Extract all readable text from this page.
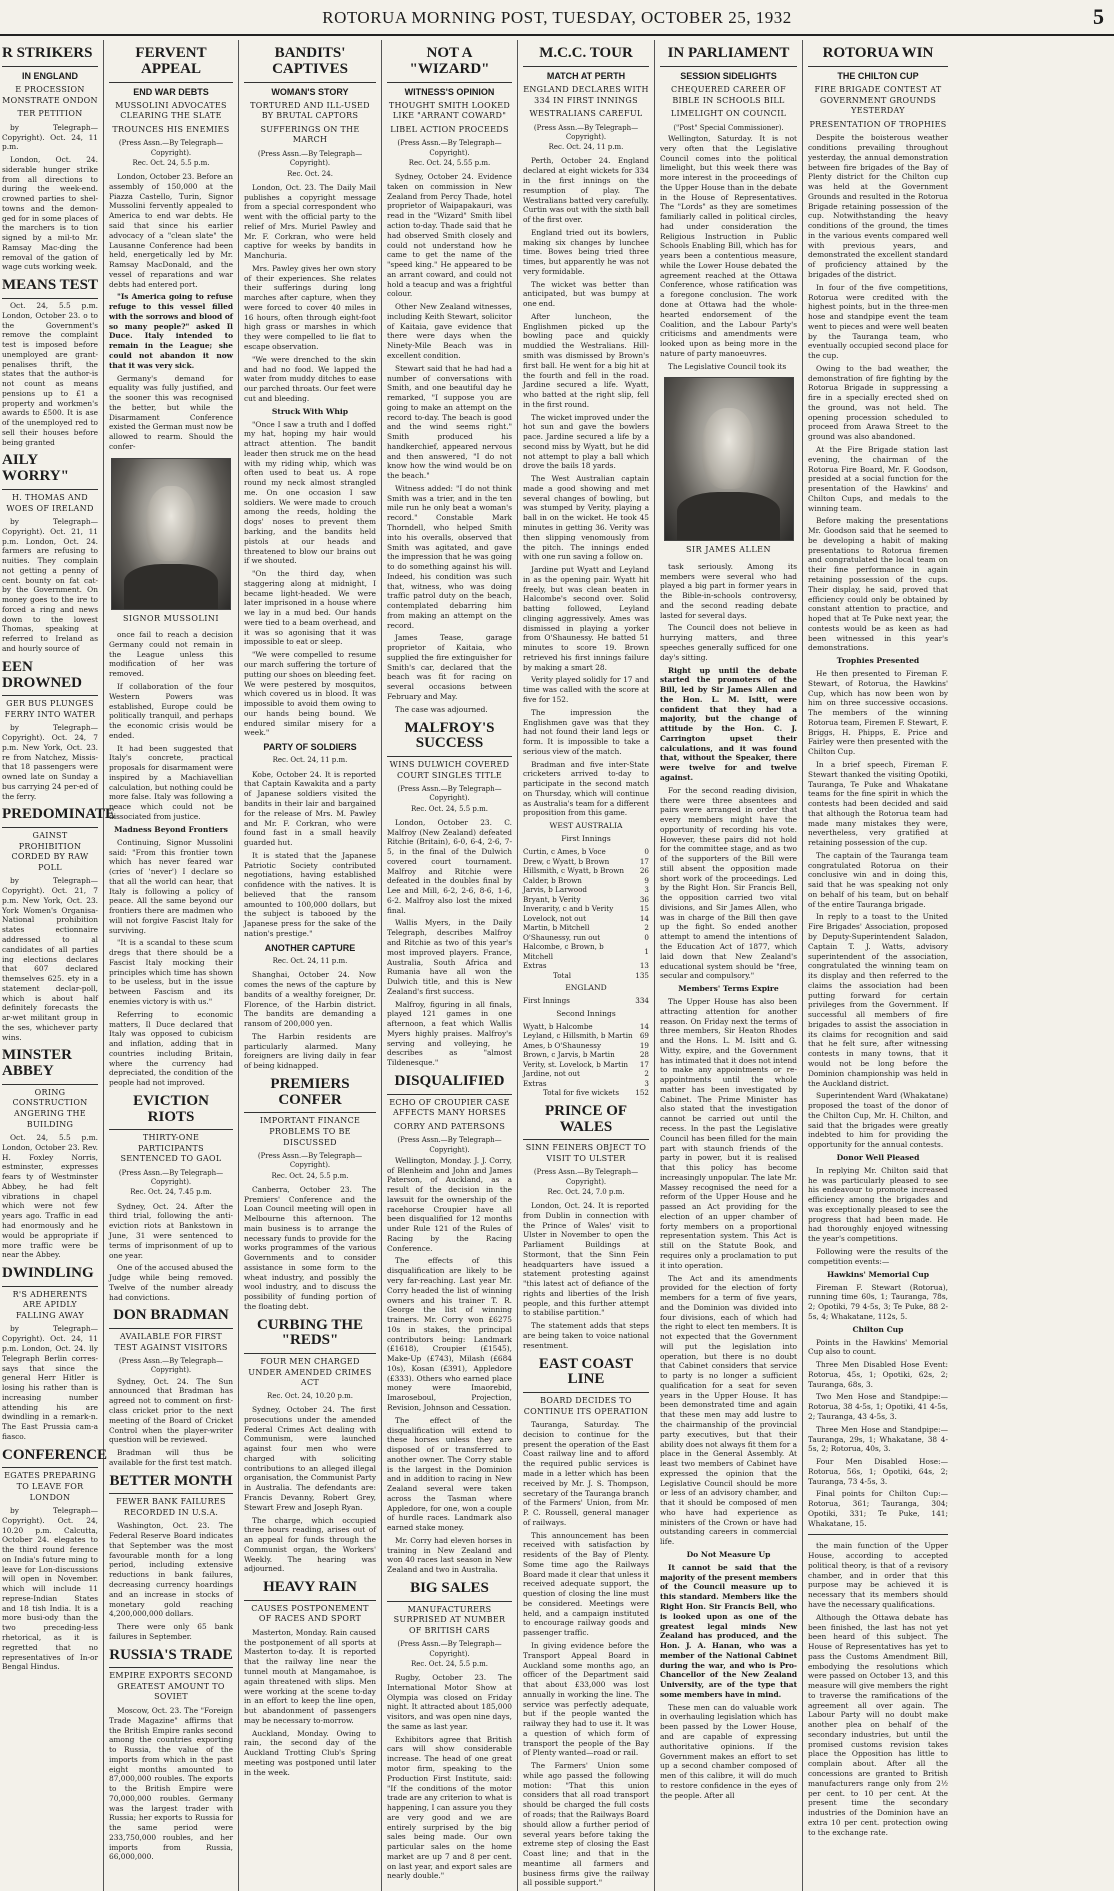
ROTORUA MORNING POST, TUESDAY, OCTOBER 25, 1932	5
R STRIKERS
IN ENGLAND
E PROCESSION MONSTRATE ONDON
TER PETITION

by Telegraph—Copyright). Oct. 24, 11 p.m.

London, Oct. 24. siderable hunger strike from all directions to during the week-end. crowned parties to shel-towns and the demon-ged for in some places of the marchers is to tion signed by a mil-to Mr. Ramsay Mac-ding the removal of the gation of wage cuts working week.

MEANS TEST

Oct. 24, 5.5 p.m. London, October 23. o to the Government's remove the complaint test is imposed before unemployed are grant-penalises thrift, the states that the author-is not count as means pensions up to £1 a property and workmen's awards to £500. It is ase of the unemployed red to sell their houses before being granted

AILY WORRY"
H. THOMAS AND WOES OF IRELAND

by Telegraph—Copyright). Oct. 21, 11 p.m. London, Oct. 24. farmers are refusing to nuities. They complain not getting a penny of cent. bounty on fat cat-by the Government. On money goes to the ire to forced a ring and news down to the lowest Thomas, speaking at referred to Ireland as and hourly source of

EEN DROWNED
GER BUS PLUNGES FERRY INTO WATER

by Telegraph—Copyright). Oct. 24, 7 p.m. New York, Oct. 23. re from Natchez, Missis-that 18 passengers were owned late on Sunday a bus carrying 24 per-ed of the ferry.

PREDOMINATE
GAINST PROHIBITION CORDED BY RAW POLL

by Telegraph—Copyright). Oct. 21, 7 p.m. New York, Oct. 23. York Women's Organisa-National prohibition states ectionnaire addressed to al candidates of all parties ing elections declares that 607 declared themselves 625. ety in a statement declar-poll, which is about half definitely forecasts the ar-wet militant group in the ses, whichever party wins.

MINSTER ABBEY
ORING CONSTRUCTION ANGERING THE BUILDING

Oct. 24, 5.5 p.m. London, October 23. Rev. H. Foxley Norris, estminster, expresses fears ty of Westminster Abbey, he had felt vibrations in chapel which were not few years ago. Traffic in ead had enormously and he would be appropriate if more traffic were be near the Abbey.

DWINDLING
R'S ADHERENTS ARE APIDLY FALLING AWAY

by Telegraph—Copyright). Oct. 24, 11 p.m. London, Oct. 24. lly Telegraph Berlin corres-says that since the general Herr Hitler is losing his rather than is increasing number attending his are dwindling in a remark-n. The East Prussia cam-a fiasco.

CONFERENCE
EGATES PREPARING TO LEAVE FOR LONDON

by Telegraph—Copyright). Oct. 24, 10.20 p.m. Calcutta, October 24. elegates to the third round ference on India's future ming to leave for Lon-discussions will open in November. which will include 11 represe-Indian States and 18 tish India. It is a more busi-ody than the two preceding-less rhetorical, as it is regretted that no representatives of In-or Bengal Hindus.

FERVENT APPEAL
END WAR DEBTS
MUSSOLINI ADVOCATES CLEARING THE SLATE
TROUNCES HIS ENEMIES
(Press Assn.—By Telegraph—Copyright).
Rec. Oct. 24, 5.5 p.m.

London, October 23. Before an assembly of 150,000 at the Piazza Castello, Turin, Signor Mussolini fervently appealed to America to end war debts. He said that since his earlier advocacy of a "clean slate" the Lausanne Conference had been held, energetically led by Mr. Ramsay MacDonald, and the vessel of reparations and war debts had entered port.

"Is America going to refuse refuge to this vessel filled with the sorrows and blood of so many people?" asked Il Duce. Italy intended to remain in the League; she could not abandon it now that it was very sick.

Germany's demand for equality was fully justified, and the sooner this was recognised the better, but while the Disarmament Conference existed the German must now be allowed to rearm. Should the confer-

SIGNOR MUSSOLINI

once fail to reach a decision Germany could not remain in the League unless this modification of her was removed.

If collaboration of the four Western Powers was established, Europe could be politically tranquil, and perhaps the economic crisis would be ended.

It had been suggested that Italy's concrete, practical proposals for disarmament were inspired by a Machiavellian calculation, but nothing could be more false. Italy was following a peace which could not be dissociated from justice.

Madness Beyond Frontiers

Continuing, Signor Mussolini said: "From this frontier town which has never feared war (cries of 'never') I declare so that all the world can hear, that Italy is following a policy of peace. All the same beyond our frontiers there are madmen who will not forgive Fascist Italy for surviving.

"It is a scandal to these scum dregs that there should be a Fascist Italy mocking their principles which time has shown to be useless, but in the issue between Fascism and its enemies victory is with us."

Referring to economic matters, Il Duce declared that Italy was opposed to cubicism and inflation, adding that in countries including Britain, where the currency had depreciated, the condition of the people had not improved.

EVICTION RIOTS
THIRTY-ONE PARTICIPANTS SENTENCED TO GAOL
(Press Assn.—By Telegraph—Copyright).
Rec. Oct. 24, 7.45 p.m.

Sydney, Oct. 24. After the third trial, following the anti-eviction riots at Bankstown in June, 31 were sentenced to terms of imprisonment of up to one year.

One of the accused abused the Judge while being removed. Twelve of the number already had convictions.

DON BRADMAN
AVAILABLE FOR FIRST TEST AGAINST VISITORS
(Press Assn.—By Telegraph—Copyright).

Sydney, Oct. 24. The Sun announced that Bradman has agreed not to comment on first-class cricket prior to the next meeting of the Board of Cricket Control when the player-writer question will be reviewed.

Bradman will thus be available for the first test match.

BETTER MONTH
FEWER BANK FAILURES RECORDED IN U.S.A.

Washington, Oct. 23. The Federal Reserve Board indicates that September was the most favourable month for a long period, including extensive reductions in bank failures, decreasing currency hoardings and an increase in stocks of monetary gold reaching 4,200,000,000 dollars.

There were only 65 bank failures in September.

RUSSIA'S TRADE
EMPIRE EXPORTS SECOND GREATEST AMOUNT TO SOVIET

Moscow, Oct. 23. The "Foreign Trade Magazine" affirms that the British Empire ranks second among the countries exporting to Russia, the value of the imports from which in the past eight months amounted to 87,000,000 roubles. The exports to the British Empire were 70,000,000 roubles. Germany was the largest trader with Russia; her exports to Russia for the same period were 233,750,000 roubles, and her imports from Russia, 66,000,000.

BANDITS' CAPTIVES
WOMAN'S STORY
TORTURED AND ILL-USED BY BRUTAL CAPTORS
SUFFERINGS ON THE MARCH
(Press Assn.—By Telegraph—Copyright).
Rec. Oct. 24.

London, Oct. 23. The Daily Mail publishes a copyright message from a special correspondent who went with the official party to the relief of Mrs. Muriel Pawley and Mr. F. Corkran, who were held captive for weeks by bandits in Manchuria.

Mrs. Pawley gives her own story of their experiences. She relates their sufferings during long marches after capture, when they were forced to cover 40 miles in 16 hours, often through eight-foot high grass or marshes in which they were compelled to lie flat to escape observation.

"We were drenched to the skin and had no food. We lapped the water from muddy ditches to ease our parched throats. Our feet were cut and bleeding.

Struck With Whip

"Once I saw a truth and I doffed my hat, hoping my hair would attract attention. The bandit leader then struck me on the head with my riding whip, which was often used to beat us. A rope round my neck almost strangled me. On one occasion I saw soldiers. We were made to crouch among the reeds, holding the dogs' noses to prevent them barking, and the bandits held pistols at our heads and threatened to blow our brains out if we shouted.

"On the third day, when staggering along at midnight, I became light-headed. We were later imprisoned in a house where we lay in a mud bed. Our hands were tied to a beam overhead, and it was so agonising that it was impossible to eat or sleep.

"We were compelled to resume our march suffering the torture of putting our shoes on bleeding feet. We were pestered by mosquitos, which covered us in blood. It was impossible to avoid them owing to our hands being bound. We endured similar misery for a week."

PARTY OF SOLDIERS
Rec. Oct. 24, 11 p.m.

Kobe, October 24. It is reported that Captain Kawakita and a party of Japanese soldiers visited the bandits in their lair and bargained for the release of Mrs. M. Pawley and Mr. F. Corkran, who were found fast in a small heavily guarded hut.

It is stated that the Japanese Patriotic Society contributed negotiations, having established confidence with the natives. It is believed that the ransom amounted to 100,000 dollars, but the subject is tabooed by the Japanese press for the sake of the nation's prestige."

ANOTHER CAPTURE
Rec. Oct. 24, 11 p.m.

Shanghai, October 24. Now comes the news of the capture by bandits of a wealthy foreigner, Dr. Florence, of the Harbin district. The bandits are demanding a ransom of 200,000 yen.

The Harbin residents are particularly alarmed. Many foreigners are living daily in fear of being kidnapped.

PREMIERS CONFER
IMPORTANT FINANCE PROBLEMS TO BE DISCUSSED
(Press Assn.—By Telegraph—Copyright).
Rec. Oct. 24, 5.5 p.m.

Canberra, October 23. The Premiers' Conference and the Loan Council meeting will open in Melbourne this afternoon. The main business is to arrange the necessary funds to provide for the works programmes of the various Governments and to consider assistance in some form to the wheat industry, and possibly the wool industry, and to discuss the possibility of funding portion of the floating debt.

CURBING THE "REDS"
FOUR MEN CHARGED UNDER AMENDED CRIMES ACT
Rec. Oct. 24, 10.20 p.m.

Sydney, October 24. The first prosecutions under the amended Federal Crimes Act dealing with Communism, were launched against four men who were charged with soliciting contributions to an alleged illegal organisation, the Communist Party in Australia. The defendants are: Francis Devanny, Robert Grey, Stewart Frew and Joseph Ryan.

The charge, which occupied three hours reading, arises out of an appeal for funds through the Communist organ, the Workers' Weekly. The hearing was adjourned.

HEAVY RAIN
CAUSES POSTPONEMENT OF RACES AND SPORT

Masterton, Monday. Rain caused the postponement of all sports at Masterton to-day. It is reported that the railway line near the tunnel mouth at Mangamahoe, is again threatened with slips. Men were working at the scene to-day in an effort to keep the line open, but abandonment of passengers may be necessary to-morrow.

Auckland, Monday. Owing to rain, the second day of the Auckland Trotting Club's Spring meeting was postponed until later in the week.

NOT A "WIZARD"
WITNESS'S OPINION
THOUGHT SMITH LOOKED LIKE "ARRANT COWARD"
LIBEL ACTION PROCEEDS
(Press Assn.—By Telegraph—Copyright).
Rec. Oct. 24, 5.55 p.m.

Sydney, October 24. Evidence taken on commission in New Zealand from Percy Thade, hotel proprietor of Waipapakauri, was read in the "Wizard" Smith libel action to-day. Thade said that he had observed Smith closely and could not understand how he came to get the name of the "speed king." He appeared to be an arrant coward, and could not hold a teacup and was a frightful colour.

Other New Zealand witnesses, including Keith Stewart, solicitor of Kaitaia, gave evidence that there were days when the Ninety-Mile Beach was in excellent condition.

Stewart said that he had had a number of conversations with Smith, and one beautiful day he remarked, "I suppose you are going to make an attempt on the record to-day. The beach is good and the wind seems right." Smith produced his handkerchief, appeared nervous and then answered, "I do not know how the wind would be on the beach."

Witness added: "I do not think Smith was a trier, and in the ten mile run he only beat a woman's record." Constable Mark Thorndell, who helped Smith into his overalls, observed that Smith was agitated, and gave the impression that he was going to do something against his will. Indeed, his condition was such that, witness, who was doing traffic patrol duty on the beach, contemplated debarring him from making an attempt on the record.

James Tease, garage proprietor of Kaitaia, who supplied the fire extinguisher for Smith's car, declared that the beach was fit for racing on several occasions between February and May.

The case was adjourned.

MALFROY'S SUCCESS
WINS DULWICH COVERED COURT SINGLES TITLE
(Press Assn.—By Telegraph—Copyright).
Rec. Oct. 24, 5.5 p.m.

London, October 23. C. Malfroy (New Zealand) defeated Ritchie (Britain), 6-0, 6-4, 2-6, 7-5, in the final of the Dulwich covered court tournament. Malfroy and Ritchie were defeated in the doubles final by Lee and Mill, 6-2, 2-6, 8-6, 1-6, 6-2. Malfroy also lost the mixed final.

Wallis Myers, in the Daily Telegraph, describes Malfroy and Ritchie as two of this year's most improved players. France, Australia, South Africa and Rumania have all won the Dulwich title, and this is New Zealand's first success.

Malfroy, figuring in all finals, played 121 games in one afternoon, a feat which Wallis Myers highly praises. Malfroy's serving and volleying, he describes as "almost Tildenesque."

DISQUALIFIED
ECHO OF CROUPIER CASE AFFECTS MANY HORSES
CORRY AND PATERSONS
(Press Assn.—By Telegraph—Copyright).

Wellington, Monday. J. J. Corry, of Blenheim and John and James Paterson, of Auckland, as a result of the decision in the lawsuit for the ownership of the racehorse Croupier have all been disqualified for 12 months under Rule 121 of the Rules of Racing by the Racing Conference.

The effects of this disqualification are likely to be very far-reaching. Last year Mr. Corry headed the list of winning owners and his trainer T. R. George the list of winning trainers. Mr. Corry won £6275 10s in stakes, the principal contributors being: Landmark (£1618), Croupier (£1545), Make-Up (£743), Milash (£684 10s), Kosan (£391), Appledore (£333). Others who earned place money were Imaorebid, Imaroseboul, Projection, Revision, Johnson and Cessation.

The effect of the disqualification will extend to these horses unless they are disposed of or transferred to another owner. The Corry stable is the largest in the Dominion and in addition to racing in New Zealand several were taken across the Tasman where Appledore, for one, won a couple of hurdle races. Landmark also earned stake money.

Mr. Corry had eleven horses in training in New Zealand and won 40 races last season in New Zealand and two in Australia.

BIG SALES
MANUFACTURERS SURPRISED AT NUMBER OF BRITISH CARS
(Press Assn.—By Telegraph—Copyright).
Rec. Oct. 24, 5.5 p.m.

Rugby, October 23. The International Motor Show at Olympia was closed on Friday night. It attracted about 185,000 visitors, and was open nine days, the same as last year.

Exhibitors agree that British cars will show considerable increase. The head of one great motor firm, speaking to the Production First Institute, said: "If the conditions of the motor trade are any criterion to what is happening, I can assure you they are very good and we are entirely surprised by the big sales being made. Our own particular sales on the home market are up 7 and 8 per cent. on last year, and export sales are nearly double."

M.C.C. TOUR
MATCH AT PERTH
ENGLAND DECLARES WITH 334 IN FIRST INNINGS
WESTRALIANS CAREFUL
(Press Assn.—By Telegraph—Copyright).
Rec. Oct. 24, 11 p.m.

Perth, October 24. England declared at eight wickets for 334 in the first innings on the resumption of play. The Westralians batted very carefully. Curtin was out with the sixth ball of the first over.

England tried out its bowlers, making six changes by lunchee time. Bowes being tried three times, but apparently he was not very formidable.

The wicket was better than anticipated, but was bumpy at one end.

After luncheon, the Englishmen picked up the bowling pace and quickly muddied the Westralians. Hill-smith was dismissed by Brown's first ball. He went for a big hit at the fourth and fell in the road. Jardine secured a life. Wyatt, who batted at the right slip, fell in the first round.

The wicket improved under the hot sun and gave the bowlers pace. Jardine secured a life by a second miss by Wyatt, but he did not attempt to play a ball which drove the bails 18 yards.

The West Australian captain made a good showing and met several changes of bowling, but was stumped by Verity, playing a ball in on the wicket. He took 45 minutes in getting 36. Verity was then slipping venomously from the pitch. The innings ended with one run saving a follow on.

Jardine put Wyatt and Leyland in as the opening pair. Wyatt hit freely, but was clean beaten in Halcombe's second over. Solid batting followed, Leyland clinging aggressively. Ames was dismissed in playing a yorker from O'Shaunessy. He batted 51 minutes to score 19. Brown retrieved his first innings failure by making a smart 28.

Verity played solidly for 17 and time was called with the score at five for 152.

The impression the Englishmen gave was that they had not found their land legs or form. It is impossible to take a serious view of the match.

Bradman and five inter-State cricketers arrived to-day to participate in the second match on Thursday, which will continue as Australia's team for a different proposition from this game.

WEST AUSTRALIA
First Innings
Curtin, c Ames, b Voce	0
Drew, c Wyatt, b Brown	17
Hillsmith, c Wyatt, b Brown	26
Calder, b Brown	9
Jarvis, b Larwood	3
Bryant, b Verity	36
Inverarity, c and b Verity	15
Lovelock, not out	14
Martin, b Mitchell	2
O'Shaunessy, run out	0
Halcombe, c Brown, b Mitchell	1
Extras	13
Total	135
ENGLAND
First Innings	334
Second Innings
Wyatt, b Halcombe	14
Leyland, c Hillsmith, b Martin	69
Ames, b O'Shaunessy	19
Brown, c Jarvis, b Martin	28
Verity, st. Lovelock, b Martin	17
Jardine, not out	2
Extras	3
Total for five wickets	152
PRINCE OF WALES
SINN FEINERS OBJECT TO VISIT TO ULSTER
(Press Assn.—By Telegraph—Copyright).
Rec. Oct. 24, 7.0 p.m.

London, Oct. 24. It is reported from Dublin in connection with the Prince of Wales' visit to Ulster in November to open the Parliament Buildings at Stormont, that the Sinn Fein headquarters have issued a statement protesting against "this latest act of defiance of the rights and liberties of the Irish people, and this further attempt to stabilise partition."

The statement adds that steps are being taken to voice national resentment.

EAST COAST LINE
BOARD DECIDES TO CONTINUE ITS OPERATION

Tauranga, Saturday. The decision to continue for the present the operation of the East Coast railway line and to afford the required public services is made in a letter which has been received by Mr. J. S. Thompson, secretary of the Tauranga branch of the Farmers' Union, from Mr. P. C. Roussell, general manager of railways.

This announcement has been received with satisfaction by residents of the Bay of Plenty. Some time ago the Railways Board made it clear that unless it received adequate support, the question of closing the line must be considered. Meetings were held, and a campaign instituted to encourage railway goods and passenger traffic.

In giving evidence before the Transport Appeal Board in Auckland some months ago, an officer of the Department said that about £33,000 was lost annually in working the line. The service was perfectly adequate, but if the people wanted the railway they had to use it. It was a question of which form of transport the people of the Bay of Plenty wanted—road or rail.

The Farmers' Union some while ago passed the following motion: "That this union considers that all road transport should be charged the full costs of roads; that the Railways Board should allow a further period of several years before taking the extreme step of closing the East Coast line; and that in the meantime all farmers and business firms give the railway all possible support."

IN PARLIAMENT
SESSION SIDELIGHTS
CHEQUERED CAREER OF BIBLE IN SCHOOLS BILL
LIMELIGHT ON COUNCIL
("Post" Special Commissioner).

Wellington, Saturday. It is not very often that the Legislative Council comes into the political limelight, but this week there was more interest in the proceedings of the Upper House than in the debate in the House of Representatives. The "Lords" as they are sometimes familiarly called in political circles, had under consideration the Religious Instruction in Public Schools Enabling Bill, which has for years been a contentious measure, while the Lower House debated the agreement reached at the Ottawa Conference, whose ratification was a foregone conclusion. The work done at Ottawa had the whole-hearted endorsement of the Coalition, and the Labour Party's criticisms and amendments were looked upon as being more in the nature of party manoeuvres.

The Legislative Council took its

SIR JAMES ALLEN

task seriously. Among its members were several who had played a big part in former years in the Bible-in-schools controversy, and the second reading debate lasted for several days.

The Council does not believe in hurrying matters, and three speeches generally sufficed for one day's sitting.

Right up until the debate started the promoters of the Bill, led by Sir James Allen and the Hon. L. M. Isitt, were confident that they had a majority, but the change of attitude by the Hon. C. J. Carrington upset their calculations, and it was found that, without the Speaker, there were twelve for and twelve against.

For the second reading division, there were three absentees and pairs were arranged in order that every members might have the opportunity of recording his vote. However, these pairs did not hold for the committee stage, and as two of the supporters of the Bill were still absent the opposition made short work of the proceedings. Led by the Right Hon. Sir Francis Bell, the opposition carried two vital divisions, and Sir James Allen, who was in charge of the Bill then gave up the fight. So ended another attempt to amend the intentions of the Education Act of 1877, which laid down that New Zealand's educational system should be "free, secular and compulsory."

Members' Terms Expire

The Upper House has also been attracting attention for another reason. On Friday next the terms of three members, Sir Heaton Rhodes and the Hons. L. M. Isitt and G. Witty, expire, and the Government has intimated that it does not intend to make any appointments or re-appointments until the whole matter has been investigated by Cabinet. The Prime Minister has also stated that the investigation cannot be carried out until the recess. In the past the Legislative Council has been filled for the main part with staunch friends of the party in power, but it is realised that this policy has become increasingly unpopular. The late Mr. Massey recognised the need for a reform of the Upper House and he passed an Act providing for the election of an upper chamber of forty members on a proportional representation system. This Act is still on the Statute Book, and requires only a proclamation to put it into operation.

The Act and its amendments provided for the election of forty members for a term of five years, and the Dominion was divided into four divisions, each of which had the right to elect ten members. It is not expected that the Government will put the legislation into operation, but there is no doubt that Cabinet considers that service to party is no longer a sufficient qualification for a seat for seven years in the Upper House. It has been demonstrated time and again that these men may add lustre to the chairmanship of the provincial party executives, but that their ability does not always fit them for a place in the General Assembly. At least two members of Cabinet have expressed the opinion that the Legislative Council should be more or less of an advisory chamber, and that it should be composed of men who have had experience as ministers of the Crown or have had outstanding careers in commercial life.

Do Not Measure Up

It cannot be said that the majority of the present members of the Council measure up to this standard. Members like the Right Hon. Sir Francis Bell, who is looked upon as one of the greatest legal minds New Zealand has produced, and the Hon. J. A. Hanan, who was a member of the National Cabinet during the war, and who is Pro-Chancellor of the New Zealand University, are of the type that some members have in mind.

These men can do valuable work in overhauling legislation which has been passed by the Lower House, and are capable of expressing authoritative opinions. If the Government makes an effort to set up a second chamber composed of men of this calibre, it will do much to restore confidence in the eyes of the people. After all

ROTORUA WIN
THE CHILTON CUP
FIRE BRIGADE CONTEST AT GOVERNMENT GROUNDS YESTERDAY
PRESENTATION OF TROPHIES

Despite the boisterous weather conditions prevailing throughout yesterday, the annual demonstration between fire brigades of the Bay of Plenty district for the Chilton cup was held at the Government Grounds and resulted in the Rotorua Brigade retaining possession of the cup. Notwithstanding the heavy conditions of the ground, the times in the various events compared well with previous years, and demonstrated the excellent standard of proficiency attained by the brigades of the district.

In four of the five competitions, Rotorua were credited with the highest points, but in the three-men hose and standpipe event the team went to pieces and were well beaten by the Tauranga team, who eventually occupied second place for the cup.

Owing to the bad weather, the demonstration of fire fighting by the Rotorua Brigade in suppressing a fire in a specially erected shed on the ground, was not held. The opening procession scheduled to proceed from Arawa Street to the ground was also abandoned.

At the Fire Brigade station last evening, the chairman of the Rotorua Fire Board, Mr. F. Goodson, presided at a social function for the presentation of the Hawkins' and Chilton Cups, and medals to the winning team.

Before making the presentations Mr. Goodson said that he seemed to be developing a habit of making presentations to Rotorua firemen and congratulated the local team on their fine performance in again retaining possession of the cups. Their display, he said, proved that efficiency could only be obtained by constant attention to practice, and hoped that at Te Puke next year, the contests would be as keen as had been witnessed in this year's demonstrations.

Trophies Presented

He then presented to Fireman F. Stewart, of Rotorua, the Hawkins' Cup, which has now been won by him on three successive occasions. The members of the winning Rotorua team, Firemen F. Stewart, F. Briggs, H. Phipps, E. Price and Fairley were then presented with the Chilton Cup.

In a brief speech, Fireman F. Stewart thanked the visiting Opotiki, Tauranga, Te Puke and Whakatane teams for the fine spirit in which the contests had been decided and said that although the Rotorua team had made many mistakes they were, nevertheless, very gratified at retaining possession of the cup.

The captain of the Tauranga team congratulated Rotorua on their conclusive win and in doing this, said that he was speaking not only on behalf of his team, but on behalf of the entire Tauranga brigade.

In reply to a toast to the United Fire Brigades' Association, proposed by Deputy-Superintendent Saladon, Captain T. J. Watts, advisory superintendent of the association, congratulated the winning team on its display and then referred to the claims the association had been putting forward for certain privileges from the Government. If successful all members of fire brigades to assist the association in its claims for recognition and said that he felt sure, after witnessing contests in many towns, that it would not be long before the Dominion championship was held in the Auckland district.

Superintendent Ward (Whakatane) proposed the toast of the donor of the Chilton Cup, Mr. H. Chilton, and said that the brigades were greatly indebted to him for providing the opportunity for the annual contests.

Donor Well Pleased

In replying Mr. Chilton said that he was particularly pleased to see his endeavour to promote increased efficiency among the brigades and was exceptionally pleased to see the progress that had been made. He had thoroughly enjoyed witnessing the year's competitions.

Following were the results of the competition events:—

Hawkins' Memorial Cup

Fireman F. Stewart (Rotorua), running time 60s, 1; Tauranga, 78s, 2; Opotiki, 79 4-5s, 3; Te Puke, 88 2-5s, 4; Whakatane, 112s, 5.

Chilton Cup

Points in the Hawkins' Memorial Cup also to count.

Three Men Disabled Hose Event: Rotorua, 45s, 1; Opotiki, 62s, 2; Tauranga, 68s, 3.

Two Men Hose and Standpipe:—Rotorua, 38 4-5s, 1; Opotiki, 41 4-5s, 2; Tauranga, 43 4-5s, 3.

Three Men Hose and Standpipe:—Tauranga, 29s, 1; Whakatane, 38 4-5s, 2; Rotorua, 40s, 3.

Four Men Disabled Hose:—Rotorua, 56s, 1; Opotiki, 64s, 2; Tauranga, 73 4-5s, 3.

Final points for Chilton Cup:—Rotorua, 361; Tauranga, 304; Opotiki, 331; Te Puke, 141; Whakatane, 15.

the main function of the Upper House, according to accepted political theory, is that of a revisory chamber, and in order that this purpose may be achieved it is necessary that its members should have the necessary qualifications.

Although the Ottawa debate has been finished, the last has not yet been heard of this subject. The House of Representatives has yet to pass the Customs Amendment Bill, embodying the resolutions which were passed on October 13, and this measure will give members the right to traverse the ramifications of the agreement all over again. The Labour Party will no doubt make another plea on behalf of the secondary industries, but until the promised customs revision takes place the Opposition has little to complain about. After all the concessions are granted to British manufacturers range only from 2½ per cent. to 10 per cent. At the present time the secondary industries of the Dominion have an extra 10 per cent. protection owing to the exchange rate.
